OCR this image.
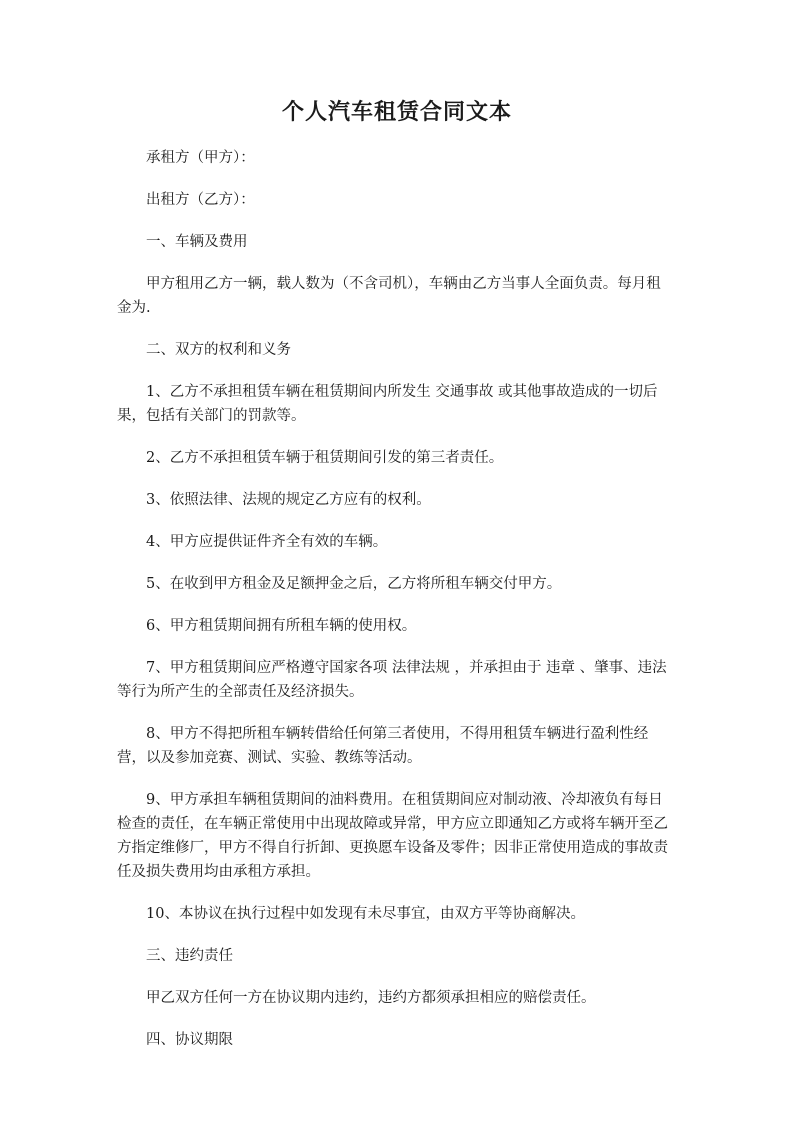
个人汽车租赁合同文本

承租方（甲方）：

出租方（乙方）：

一、车辆及费用

甲方租用乙方一辆，载人数为（不含司机），车辆由乙方当事人全面负责。每月租金为.

二、双方的权利和义务

1、乙方不承担租赁车辆在租赁期间内所发生 交通事故 或其他事故造成的一切后果，包括有关部门的罚款等。

2、乙方不承担租赁车辆于租赁期间引发的第三者责任。

3、依照法律、法规的规定乙方应有的权利。

4、甲方应提供证件齐全有效的车辆。

5、在收到甲方租金及足额押金之后，乙方将所租车辆交付甲方。

6、甲方租赁期间拥有所租车辆的使用权。

7、甲方租赁期间应严格遵守国家各项 法律法规 ，并承担由于 违章 、肇事、违法等行为所产生的全部责任及经济损失。

8、甲方不得把所租车辆转借给任何第三者使用，不得用租赁车辆进行盈利性经营，以及参加竞赛、测试、实验、教练等活动。

9、甲方承担车辆租赁期间的油料费用。在租赁期间应对制动液、冷却液负有每日检查的责任，在车辆正常使用中出现故障或异常，甲方应立即通知乙方或将车辆开至乙方指定维修厂，甲方不得自行折卸、更换愿车设备及零件；因非正常使用造成的事故责任及损失费用均由承租方承担。

10、本协议在执行过程中如发现有未尽事宜，由双方平等协商解决。

三、违约责任

甲乙双方任何一方在协议期内违约，违约方都须承担相应的赔偿责任。

四、协议期限
